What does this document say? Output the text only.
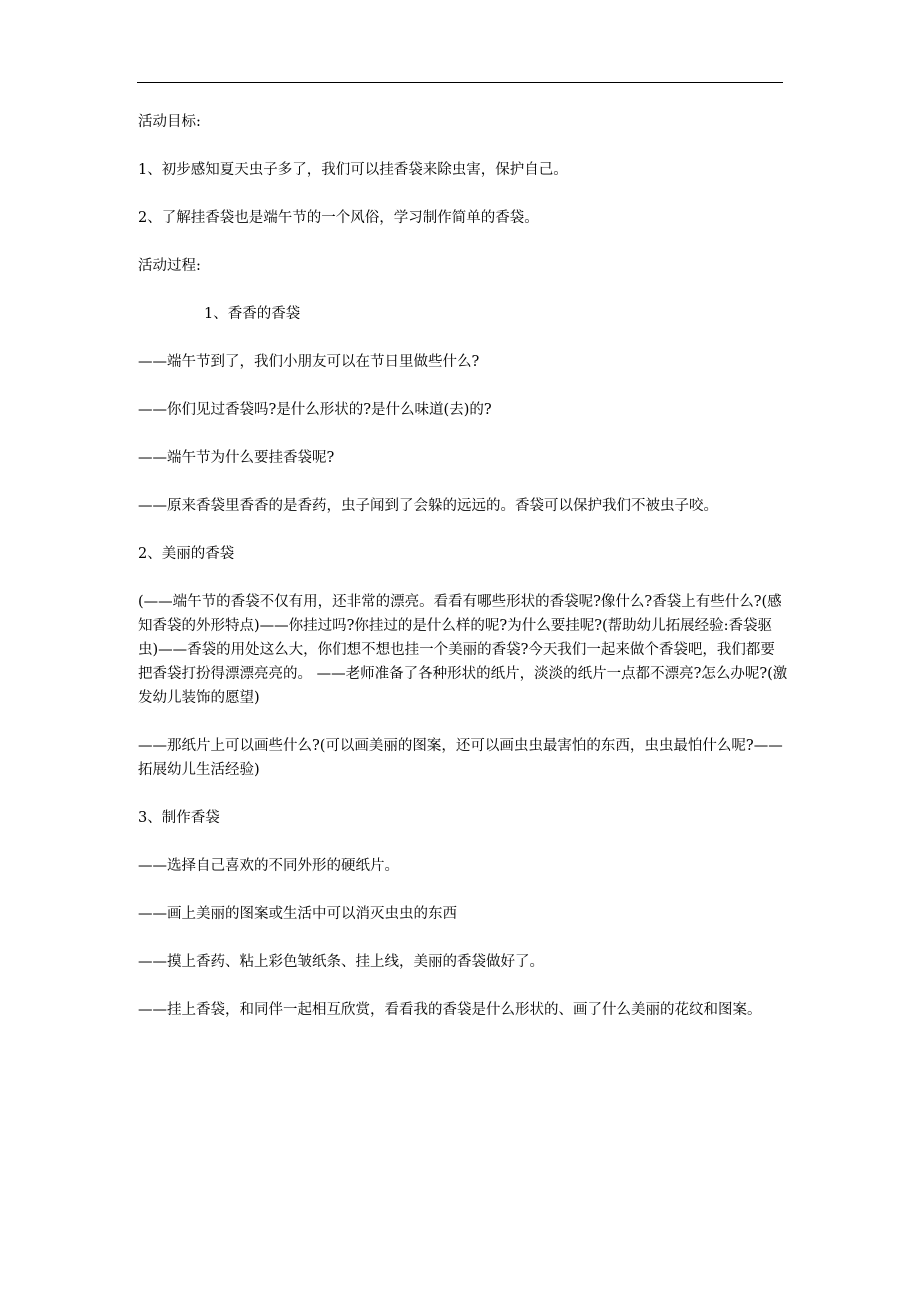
活动目标:

1、初步感知夏天虫子多了，我们可以挂香袋来除虫害，保护自己。

2、了解挂香袋也是端午节的一个风俗，学习制作简单的香袋。

活动过程:

1、香香的香袋

——端午节到了，我们小朋友可以在节日里做些什么?

——你们见过香袋吗?是什么形状的?是什么味道(去)的?

——端午节为什么要挂香袋呢?

——原来香袋里香香的是香药，虫子闻到了会躲的远远的。香袋可以保护我们不被虫子咬。

2、美丽的香袋

(——端午节的香袋不仅有用，还非常的漂亮。看看有哪些形状的香袋呢?像什么?香袋上有些什么?(感知香袋的外形特点)——你挂过吗?你挂过的是什么样的呢?为什么要挂呢?(帮助幼儿拓展经验:香袋驱虫)——香袋的用处这么大，你们想不想也挂一个美丽的香袋?今天我们一起来做个香袋吧，我们都要把香袋打扮得漂漂亮亮的。 ——老师准备了各种形状的纸片，淡淡的纸片一点都不漂亮?怎么办呢?(激发幼儿装饰的愿望)

——那纸片上可以画些什么?(可以画美丽的图案，还可以画虫虫最害怕的东西，虫虫最怕什么呢?——拓展幼儿生活经验)

3、制作香袋

——选择自己喜欢的不同外形的硬纸片。

——画上美丽的图案或生活中可以消灭虫虫的东西

——摸上香药、粘上彩色皱纸条、挂上线，美丽的香袋做好了。

——挂上香袋，和同伴一起相互欣赏，看看我的香袋是什么形状的、画了什么美丽的花纹和图案。
